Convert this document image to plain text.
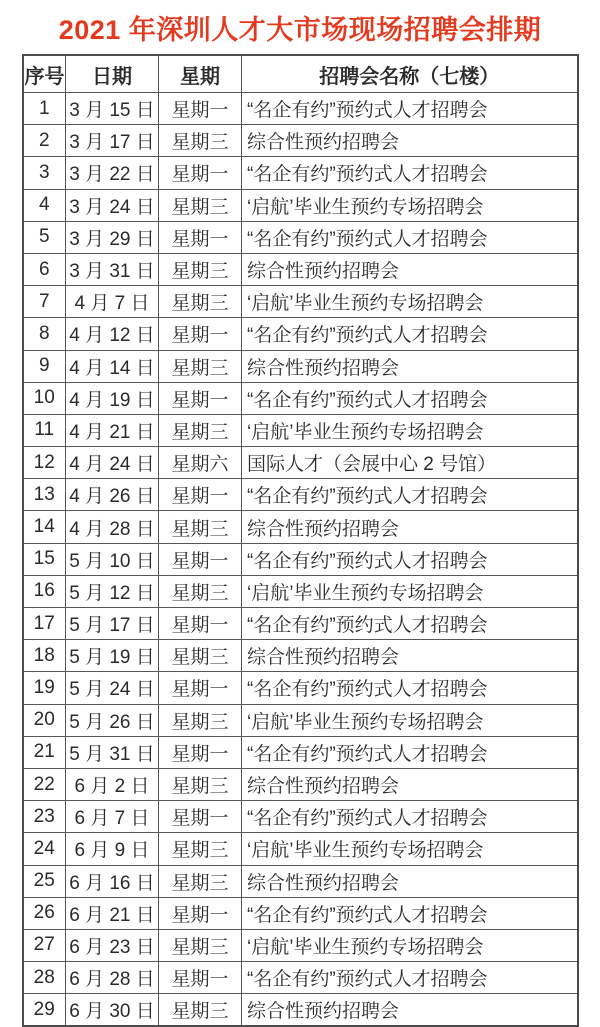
2021 年深圳人才大市场现场招聘会排期
序号	日期	星期	招聘会名称（七楼）
1	3 月 15 日	星期一	“名企有约”预约式人才招聘会
2	3 月 17 日	星期三	综合性预约招聘会
3	3 月 22 日	星期一	“名企有约”预约式人才招聘会
4	3 月 24 日	星期三	‘启航’毕业生预约专场招聘会
5	3 月 29 日	星期一	“名企有约”预约式人才招聘会
6	3 月 31 日	星期三	综合性预约招聘会
7	4 月 7 日	星期三	‘启航’毕业生预约专场招聘会
8	4 月 12 日	星期一	“名企有约”预约式人才招聘会
9	4 月 14 日	星期三	综合性预约招聘会
10	4 月 19 日	星期一	“名企有约”预约式人才招聘会
11	4 月 21 日	星期三	‘启航’毕业生预约专场招聘会
12	4 月 24 日	星期六	国际人才（会展中心 2 号馆）
13	4 月 26 日	星期一	“名企有约”预约式人才招聘会
14	4 月 28 日	星期三	综合性预约招聘会
15	5 月 10 日	星期一	“名企有约”预约式人才招聘会
16	5 月 12 日	星期三	‘启航’毕业生预约专场招聘会
17	5 月 17 日	星期一	“名企有约”预约式人才招聘会
18	5 月 19 日	星期三	综合性预约招聘会
19	5 月 24 日	星期一	“名企有约”预约式人才招聘会
20	5 月 26 日	星期三	‘启航’毕业生预约专场招聘会
21	5 月 31 日	星期一	“名企有约”预约式人才招聘会
22	6 月 2 日	星期三	综合性预约招聘会
23	6 月 7 日	星期一	“名企有约”预约式人才招聘会
24	6 月 9 日	星期三	‘启航’毕业生预约专场招聘会
25	6 月 16 日	星期三	综合性预约招聘会
26	6 月 21 日	星期一	“名企有约”预约式人才招聘会
27	6 月 23 日	星期三	‘启航’毕业生预约专场招聘会
28	6 月 28 日	星期一	“名企有约”预约式人才招聘会
29	6 月 30 日	星期三	综合性预约招聘会
